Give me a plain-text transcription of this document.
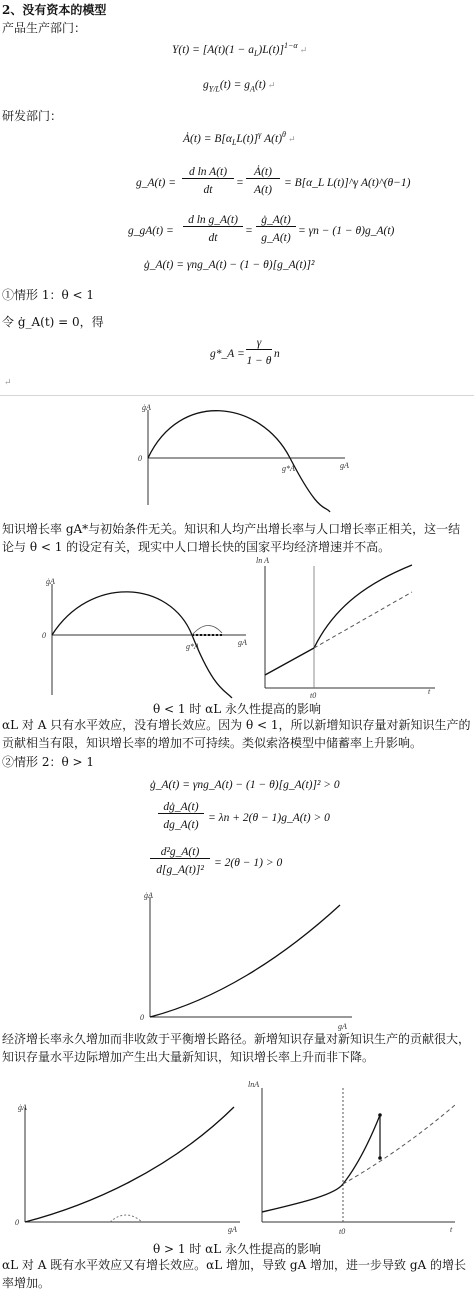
2、没有资本的模型
产品生产部门：
$Y(t) = [A(t)(1 - a_L)L(t)]^{1-\alpha}$ ↵
$g_{Y/L}(t) = g_A(t)$ ↵
研发部门：
Ȧ(t) = $B[\alpha_LL(t)]^\gamma$ $A(t)^\theta$ ↵
g_A(t) =
d ln A(t)
dt
=
Ȧ(t)
A(t)
= B[α_L L(t)]^γ A(t)^(θ−1)
g_gA(t) =
d ln g_A(t)
dt
=
ġ_A(t)
g_A(t)
= γn − (1 − θ)g_A(t)
ġ_A(t) = γng_A(t) − (1 − θ)[g_A(t)]²
①情形 1：θ < 1
令 ġ_A(t) = 0，得
g*_A =
γ
1 − θ
n
↵
ġA
gA
0
g*A
知识增长率 gA*与初始条件无关。知识和人均产出增长率与人口增长率正相关，这一结论与 θ < 1 的设定有关，现实中人口增长快的国家平均经济增速并不高。
ġA
gA
0
g*A
ln A
t
t0
θ < 1 时 αL 永久性提高的影响
αL 对 A 只有水平效应，没有增长效应。因为 θ < 1，所以新增知识存量对新知识生产的贡献相当有限，知识增长率的增加不可持续。类似索洛模型中储蓄率上升影响。
②情形 2：θ > 1
ġ_A(t) = γng_A(t) − (1 − θ)[g_A(t)]² > 0
dġ_A(t)
dg_A(t)
= λn + 2(θ − 1)g_A(t) > 0
d²g_A(t)
d[g_A(t)]²
= 2(θ − 1) > 0
ġA
gA
0
经济增长率永久增加而非收敛于平衡增长路径。新增知识存量对新知识生产的贡献很大，知识存量水平边际增加产生出大量新知识，知识增长率上升而非下降。
ġA
gA
0
lnA
t
t0
θ > 1 时 αL 永久性提高的影响
αL 对 A 既有水平效应又有增长效应。αL 增加，导致 gA 增加，进一步导致 gA 的增长率增加。
